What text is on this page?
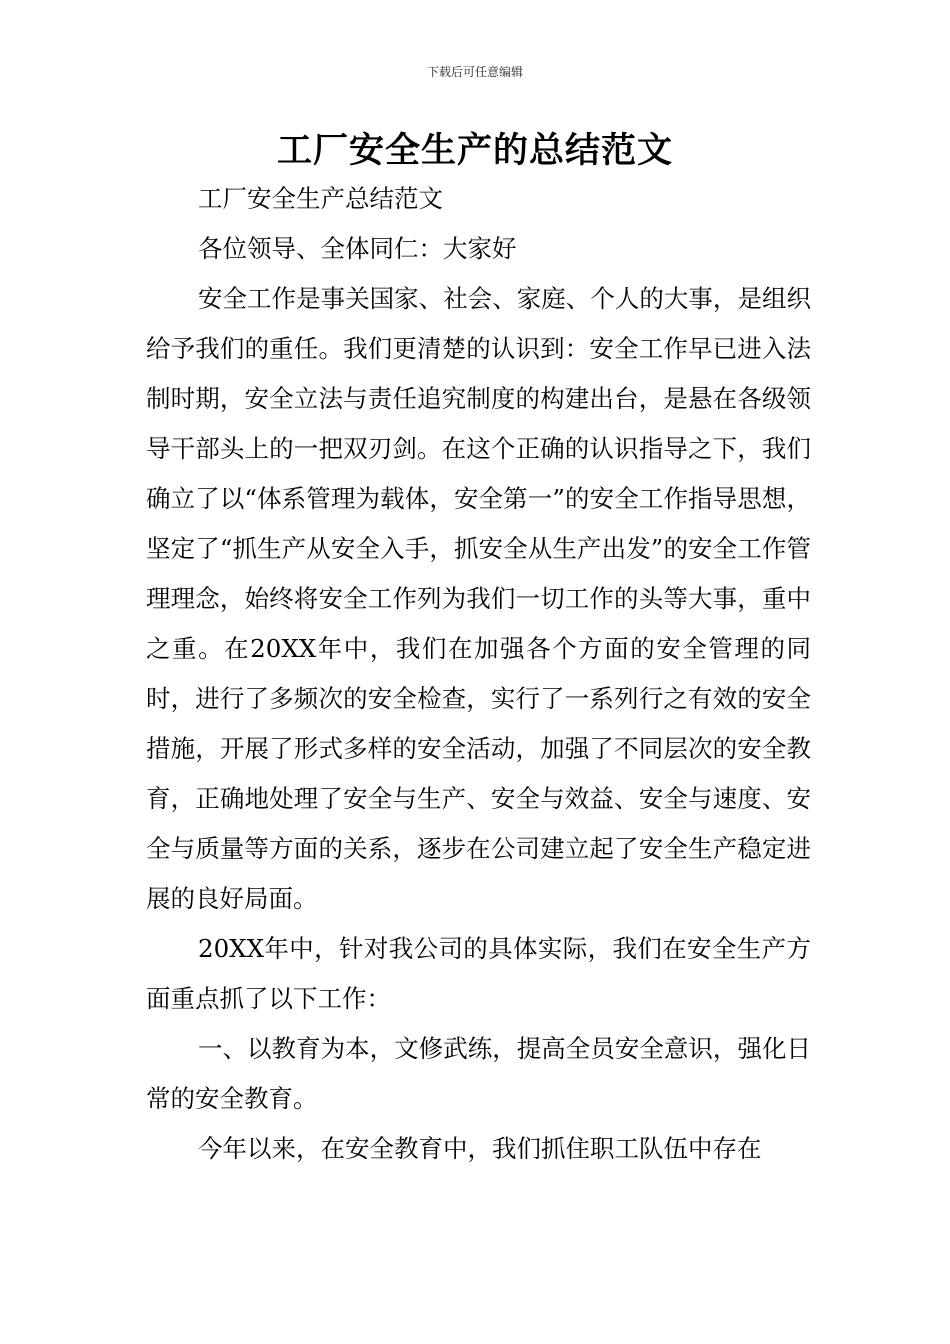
下载后可任意编辑
工厂安全生产的总结范文

工厂安全生产总结范文

各位领导、全体同仁：大家好

安全工作是事关国家、社会、家庭、个人的大事，是组织给予我们的重任。我们更清楚的认识到：安全工作早已进入法制时期，安全立法与责任追究制度的构建出台，是悬在各级领导干部头上的一把双刃剑。在这个正确的认识指导之下，我们确立了以“体系管理为载体，安全第一”的安全工作指导思想，坚定了“抓生产从安全入手，抓安全从生产出发”的安全工作管理理念，始终将安全工作列为我们一切工作的头等大事，重中之重。在20XX年中，我们在加强各个方面的安全管理的同时，进行了多频次的安全检查，实行了一系列行之有效的安全措施，开展了形式多样的安全活动，加强了不同层次的安全教育，正确地处理了安全与生产、安全与效益、安全与速度、安全与质量等方面的关系，逐步在公司建立起了安全生产稳定进展的良好局面。

20XX年中，针对我公司的具体实际，我们在安全生产方面重点抓了以下工作：

一、以教育为本，文修武练，提高全员安全意识，强化日常的安全教育。

今年以来，在安全教育中，我们抓住职工队伍中存在
